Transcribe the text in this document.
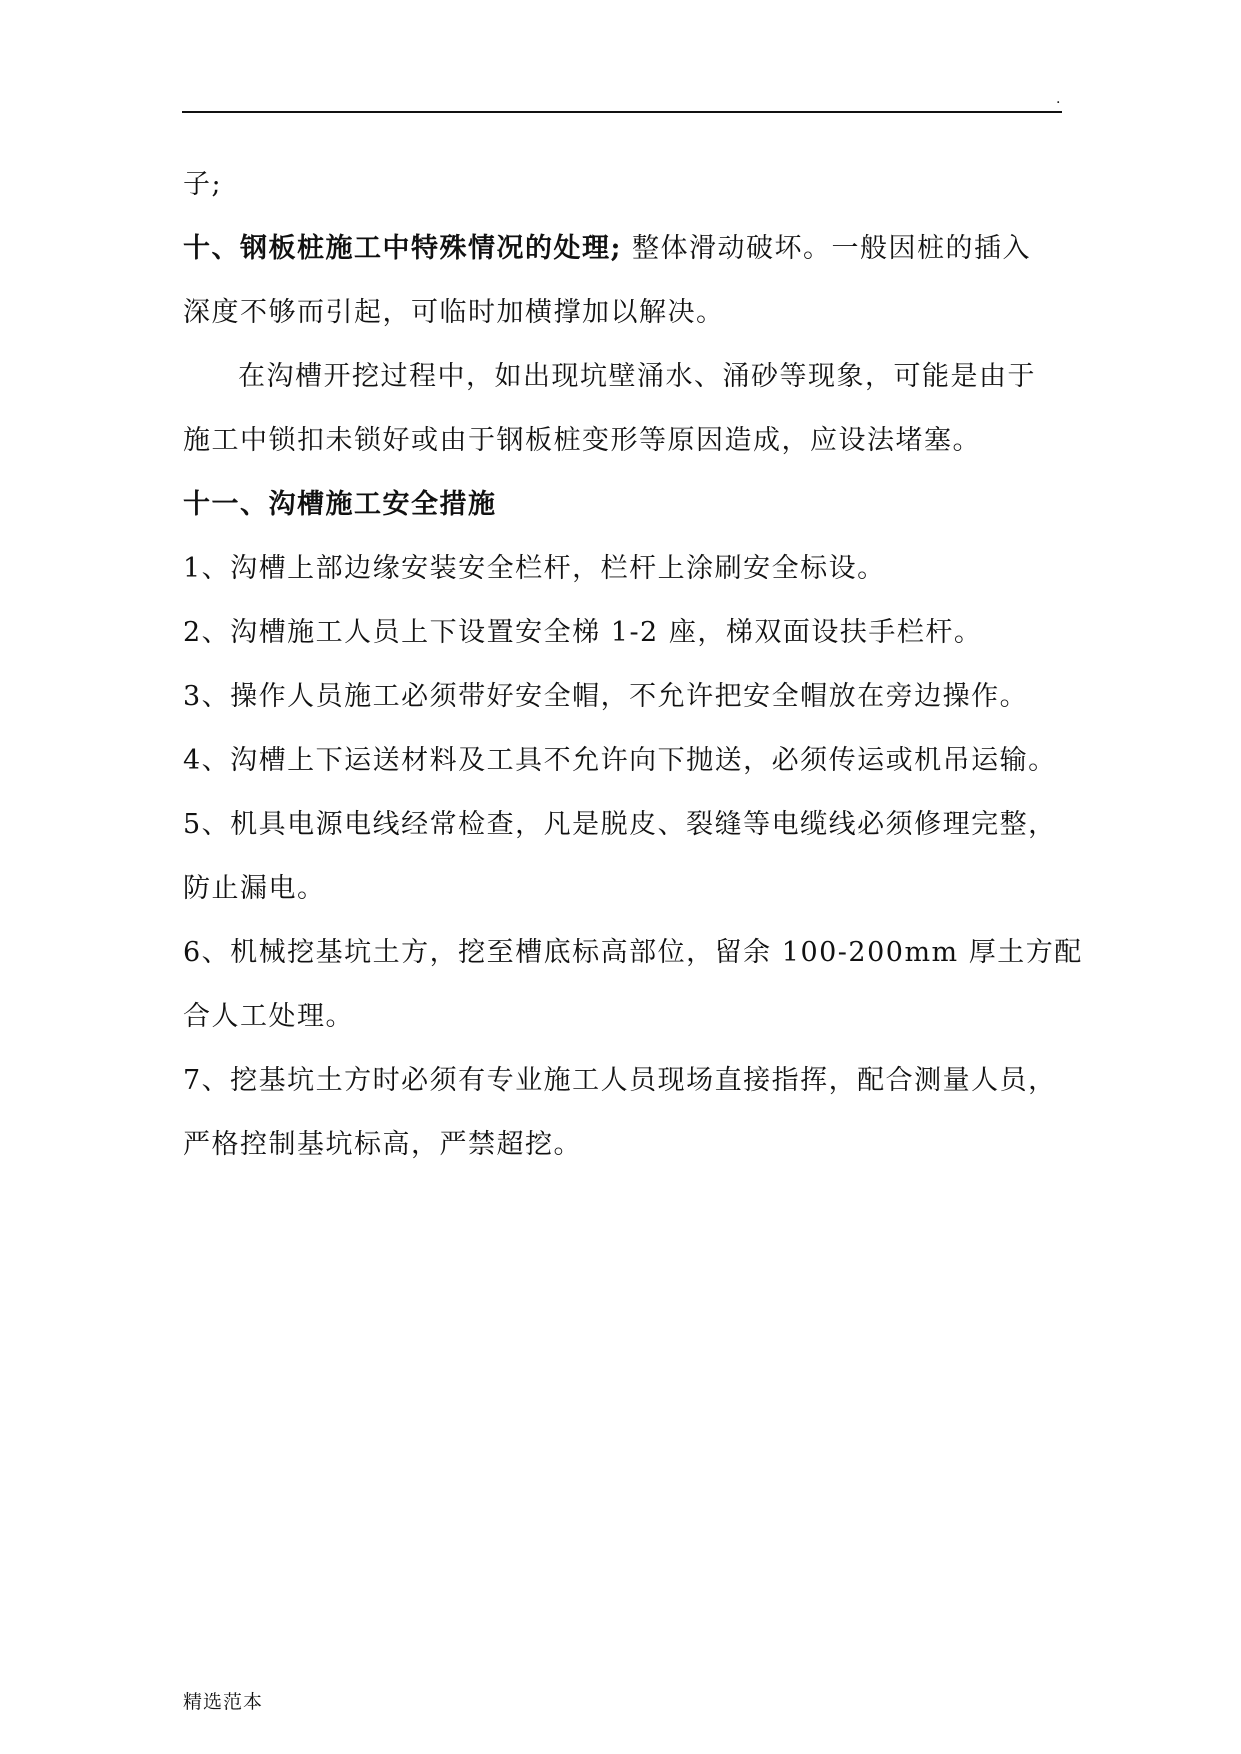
.
子;
十、钢板桩施工中特殊情况的处理; 整体滑动破坏。一般因桩的插入
深度不够而引起，可临时加横撑加以解决。
在沟槽开挖过程中，如出现坑壁涌水、涌砂等现象，可能是由于
施工中锁扣未锁好或由于钢板桩变形等原因造成，应设法堵塞。
十一、沟槽施工安全措施
1、沟槽上部边缘安装安全栏杆，栏杆上涂刷安全标设。
2、沟槽施工人员上下设置安全梯 1-2 座，梯双面设扶手栏杆。
3、操作人员施工必须带好安全帽，不允许把安全帽放在旁边操作。
4、沟槽上下运送材料及工具不允许向下抛送，必须传运或机吊运输。
5、机具电源电线经常检查，凡是脱皮、裂缝等电缆线必须修理完整，
防止漏电。
6、机械挖基坑土方，挖至槽底标高部位，留余 100-200mm 厚土方配
合人工处理。
7、挖基坑土方时必须有专业施工人员现场直接指挥，配合测量人员，
严格控制基坑标高，严禁超挖。
精选范本
